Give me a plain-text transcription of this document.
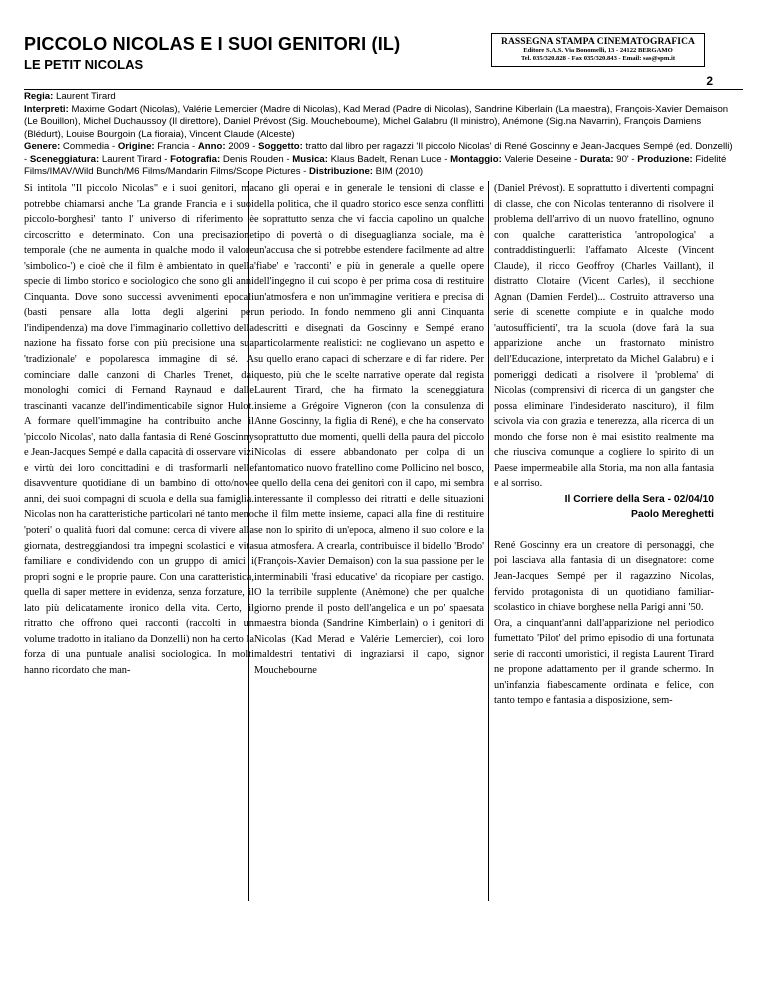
PICCOLO NICOLAS E I SUOI GENITORI (IL)
LE PETIT NICOLAS
RASSEGNA STAMPA CINEMATOGRAFICA
Editore S.A.S. Via Bonomelli, 13 - 24122 BERGAMO
Tel. 035/320.828 - Fax 035/320.843 - Email: sas@spm.it
2
Regia: Laurent Tirard
Interpreti: Maxime Godart (Nicolas), Valérie Lemercier (Madre di Nicolas), Kad Merad (Padre di Nicolas), Sandrine Kiberlain (La maestra), François-Xavier Demaison (Le Bouillon), Michel Duchaussoy (Il direttore), Daniel Prévost (Sig. Moucheboume), Michel Galabru (Il ministro), Anémone (Sig.na Navarrin), François Damiens (Blédurt), Louise Bourgoin (La fioraia), Vincent Claude (Alceste)
Genere: Commedia - Origine: Francia - Anno: 2009 - Soggetto: tratto dal libro per ragazzi 'Il piccolo Nicolas' di René Goscinny e Jean-Jacques Sempé (ed. Donzelli) - Sceneggiatura: Laurent Tirard - Fotografia: Denis Rouden - Musica: Klaus Badelt, Renan Luce - Montaggio: Valerie Deseine - Durata: 90' - Produzione: Fidelité Films/IMAV/Wild Bunch/M6 Films/Mandarin Films/Scope Pictures - Distribuzione: BIM (2010)

Si intitola "Il piccolo Nicolas" e i suoi genitori, ma potrebbe chiamarsi anche 'La grande Francia e i suoi piccolo-borghesi' tanto l' universo di riferimento è circoscritto e determinato. Con una precisazione temporale (che ne aumenta in qualche modo il valore 'simbolico-') e cioè che il film è ambientato in quella specie di limbo storico e sociologico che sono gli anni Cinquanta. Dove sono successi avvenimenti epocali (basti pensare alla lotta degli algerini per l'indipendenza) ma dove l'immaginario collettivo della nazione ha fissato forse con più precisione una sua 'tradizionale' e popolaresca immagine di sé. A cominciare dalle canzoni di Charles Trenet, dai monologhi comici di Fernand Raynaud e dalle trascinanti vacanze dell'indimenticabile signor Hulot. A formare quell'immagine ha contribuito anche il 'piccolo Nicolas', nato dalla fantasia di René Goscinny e Jean-Jacques Sempé e dalla capacità di osservare vizi e virtù dei loro concittadini e di trasformarli nelle disavventure quotidiane di un bambino di otto/nove anni, dei suoi compagni di scuola e della sua famiglia. Nicolas non ha caratteristiche particolari né tanto meno 'poteri' o qualità fuori dal comune: cerca di vivere alla giornata, destreggiandosi tra impegni scolastici e vita familiare e condividendo con un gruppo di amici i propri sogni e le proprie paure. Con una caratteristica, quella di saper mettere in evidenza, senza forzature, il lato più delicatamente ironico della vita. Certo, il ritratto che offrono quei racconti (raccolti in un volume tradotto in italiano da Donzelli) non ha certo la forza di una puntuale analisi sociologica. In molti hanno ricordato che man-

cano gli operai e in generale le tensioni di classe e della politica, che il quadro storico esce senza conflitti e soprattutto senza che vi faccia capolino un qualche tipo di povertà o di diseguaglianza sociale, ma è un'accusa che si potrebbe estendere facilmente ad altre 'fiabe' e 'racconti' e più in generale a quelle opere dell'ingegno il cui scopo è per prima cosa di restituire un'atmosfera e non un'immagine veritiera e precisa di un periodo. In fondo nemmeno gli anni Cinquanta descritti e disegnati da Goscinny e Sempé erano particolarmente realistici: ne coglievano un aspetto e su quello erano capaci di scherzare e di far ridere. Per questo, più che le scelte narrative operate dal regista Laurent Tirard, che ha firmato la sceneggiatura insieme a Grégoire Vigneron (con la consulenza di Anne Goscinny, la figlia di René), e che ha conservato soprattutto due momenti, quelli della paura del piccolo Nicolas di essere abbandonato per colpa di un fantomatico nuovo fratellino come Pollicino nel bosco, e quello della cena dei genitori con il capo, mi sembra interessante il complesso dei ritratti e delle situazioni che il film mette insieme, capaci alla fine di restituire se non lo spirito di un'epoca, almeno il suo colore e la sua atmosfera. A crearla, contribuisce il bidello 'Brodo' (François-Xavier Demaison) con la sua passione per le interminabili 'frasi educative' da ricopiare per castigo. O la terribile supplente (Anèmone) che per qualche giorno prende il posto dell'angelica e un po' spaesata maestra bionda (Sandrine Kimberlain) o i genitori di Nicolas (Kad Merad e Valérie Lemercier), coi loro maldestri tentativi di ingraziarsi il capo, signor Mouchebourne

(Daniel Prévost). E soprattutto i divertenti compagni di classe, che con Nicolas tenteranno di risolvere il problema dell'arrivo di un nuovo fratellino, ognuno con qualche caratteristica 'antropologica' a contraddistinguerli: l'affamato Alceste (Vincent Claude), il ricco Geoffroy (Charles Vaillant), il distratto Clotaire (Vicent Carles), il secchione Agnan (Damien Ferdel)... Costruito attraverso una serie di scenette compiute e in qualche modo 'autosufficienti', tra la scuola (dove farà la sua apparizione anche un frastornato ministro dell'Educazione, interpretato da Michel Galabru) e i pomeriggi dedicati a risolvere il 'problema' di Nicolas (comprensivi di ricerca di un gangster che possa eliminare l'indesiderato nascituro), il film scivola via con grazia e tenerezza, alla ricerca di un mondo che forse non è mai esistito realmente ma che riusciva comunque a cogliere lo spirito di un Paese impermeabile alla Storia, ma non alla fantasia e al sorriso.

Il Corriere della Sera - 02/04/10
Paolo Mereghetti

René Goscinny era un creatore di personaggi, che poi lasciava alla fantasia di un disegnatore: come Jean-Jacques Sempé per il ragazzino Nicolas, fervido protagonista di un quotidiano familiar-scolastico in chiave borghese nella Parigi anni '50.

Ora, a cinquant'anni dall'apparizione nel periodico fumettato 'Pilot' del primo episodio di una fortunata serie di racconti umoristici, il regista Laurent Tirard ne propone adattamento per il grande schermo. In un'infanzia fiabescamente ordinata e felice, con tanto tempo e fantasia a disposizione, sem-
